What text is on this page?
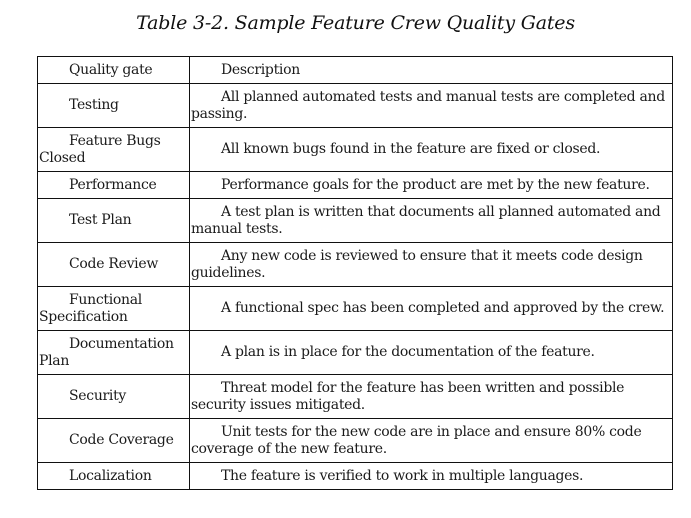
Table 3-2. Sample Feature Crew Quality Gates
Quality gate	Description
Testing	All planned automated tests and manual tests are completed and passing.
Feature Bugs Closed	All known bugs found in the feature are fixed or closed.
Performance	Performance goals for the product are met by the new feature.
Test Plan	A test plan is written that documents all planned automated and manual tests.
Code Review	Any new code is reviewed to ensure that it meets code design guidelines.
Functional Specification	A functional spec has been completed and approved by the crew.
Documentation Plan	A plan is in place for the documentation of the feature.
Security	Threat model for the feature has been written and possible security issues mitigated.
Code Coverage	Unit tests for the new code are in place and ensure 80% code coverage of the new feature.
Localization	The feature is verified to work in multiple languages.
